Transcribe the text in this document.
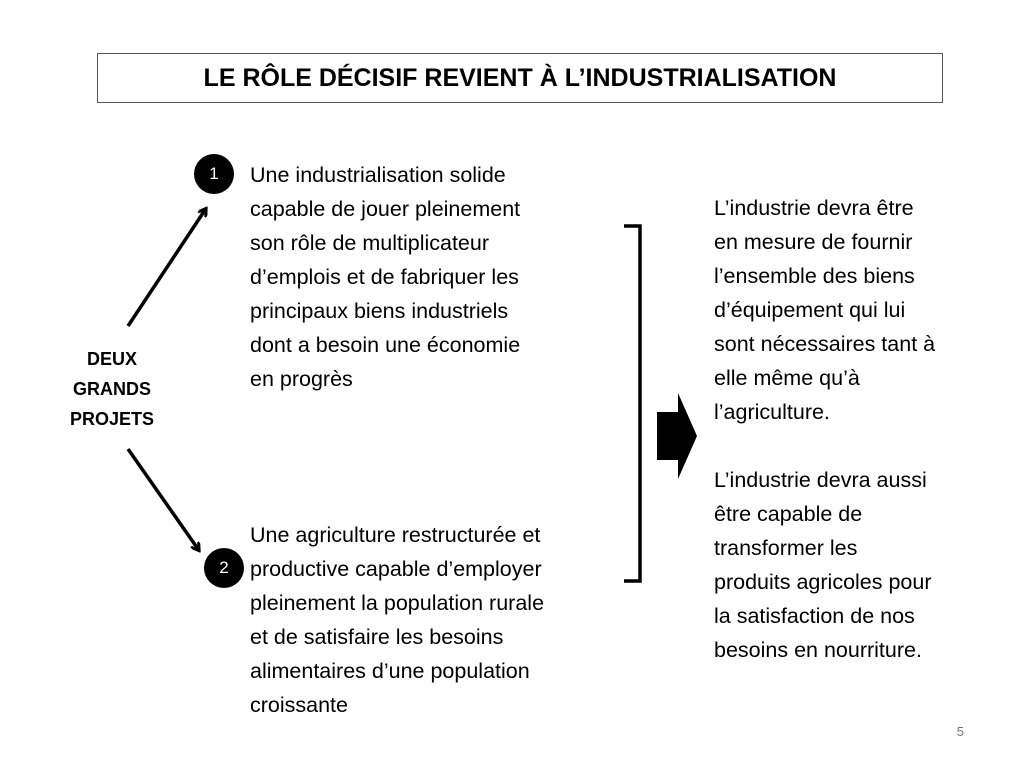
LE RÔLE DÉCISIF REVIENT À L’INDUSTRIALISATION
DEUX
GRANDS
PROJETS
1
2
Une industrialisation solide
capable de jouer pleinement
son rôle de multiplicateur
d’emplois et de fabriquer les
principaux biens industriels
dont a besoin une économie
en progrès
Une agriculture restructurée et
productive capable d’employer
pleinement la population rurale
et de satisfaire les besoins
alimentaires d’une population
croissante
L’industrie devra être
en mesure de fournir
l’ensemble des biens
d’équipement qui lui
sont nécessaires tant à
elle même qu’à
l’agriculture.
L’industrie devra aussi
être capable de
transformer les
produits agricoles pour
la satisfaction de nos
besoins en nourriture.
5
